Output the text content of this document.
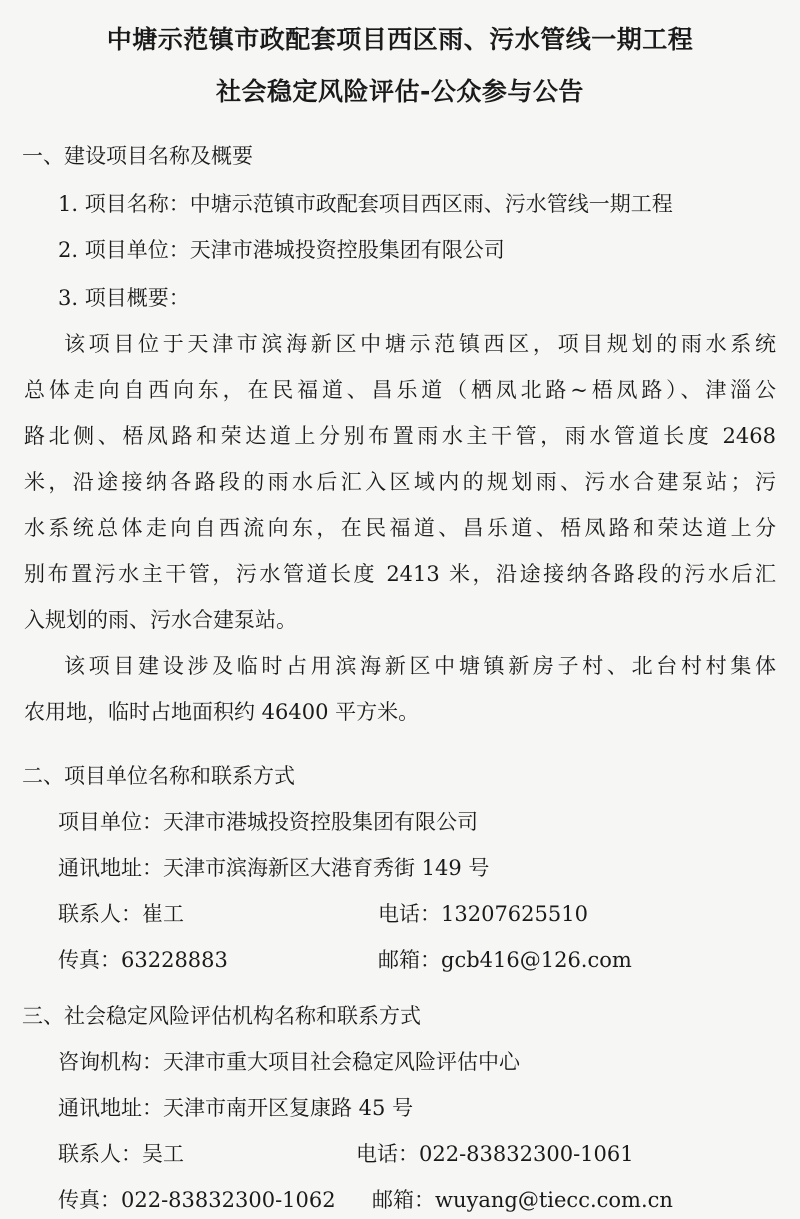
中塘示范镇市政配套项目西区雨、污水管线一期工程
社会稳定风险评估-公众参与公告
一、建设项目名称及概要
1. 项目名称：中塘示范镇市政配套项目西区雨、污水管线一期工程
2. 项目单位：天津市港城投资控股集团有限公司
3. 项目概要：
该项目位于天津市滨海新区中塘示范镇西区，项目规划的雨水系统
总体走向自西向东，在民福道、昌乐道（栖凤北路~梧凤路）、津淄公
路北侧、梧凤路和荣达道上分别布置雨水主干管，雨水管道长度 2468
米，沿途接纳各路段的雨水后汇入区域内的规划雨、污水合建泵站；污
水系统总体走向自西流向东，在民福道、昌乐道、梧凤路和荣达道上分
别布置污水主干管，污水管道长度 2413 米，沿途接纳各路段的污水后汇
入规划的雨、污水合建泵站。
该项目建设涉及临时占用滨海新区中塘镇新房子村、北台村村集体
农用地，临时占地面积约 46400 平方米。
二、项目单位名称和联系方式
项目单位：天津市港城投资控股集团有限公司
通讯地址：天津市滨海新区大港育秀街 149 号
联系人：崔工	电话：13207625510
传真：63228883	邮箱：gcb416@126.com
三、社会稳定风险评估机构名称和联系方式
咨询机构：天津市重大项目社会稳定风险评估中心
通讯地址：天津市南开区复康路 45 号
联系人：吴工	电话：022-83832300-1061
传真：022-83832300-1062 邮箱：wuyang@tiecc.com.cn
